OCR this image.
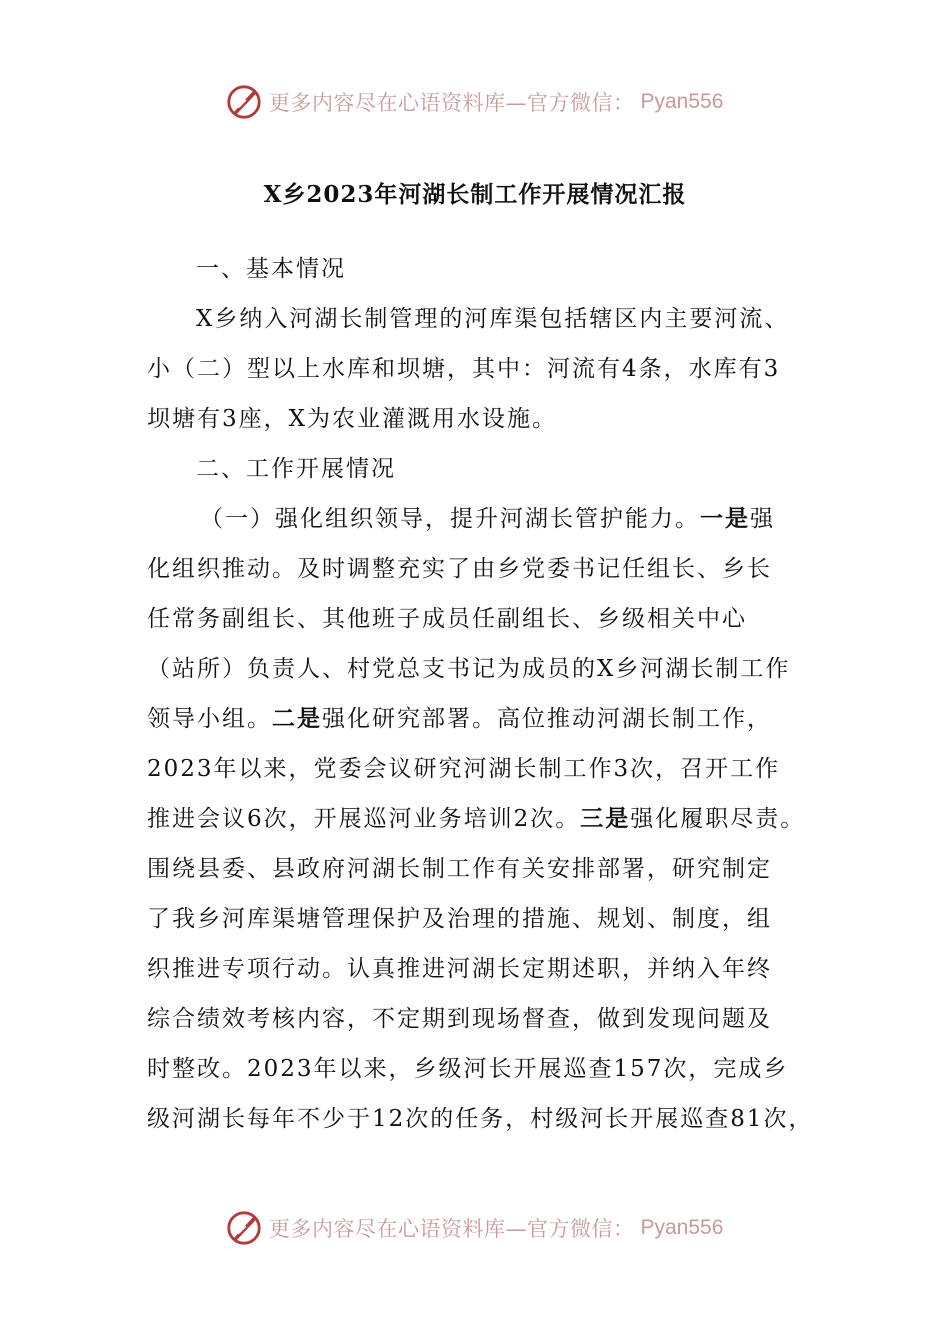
更多内容尽在心语资料库—官方微信： Pyan556
X乡2023年河湖长制工作开展情况汇报

一、基本情况

X乡纳入河湖长制管理的河库渠包括辖区内主要河流、

小（二）型以上水库和坝塘，其中：河流有4条，水库有3

坝塘有3座，X为农业灌溉用水设施。

二、工作开展情况

（一）强化组织领导，提升河湖长管护能力。一是强

化组织推动。及时调整充实了由乡党委书记任组长、乡长

任常务副组长、其他班子成员任副组长、乡级相关中心

（站所）负责人、村党总支书记为成员的X乡河湖长制工作

领导小组。二是强化研究部署。高位推动河湖长制工作，

2023年以来，党委会议研究河湖长制工作3次，召开工作

推进会议6次，开展巡河业务培训2次。三是强化履职尽责。

围绕县委、县政府河湖长制工作有关安排部署，研究制定

了我乡河库渠塘管理保护及治理的措施、规划、制度，组

织推进专项行动。认真推进河湖长定期述职，并纳入年终

综合绩效考核内容，不定期到现场督查，做到发现问题及

时整改。2023年以来，乡级河长开展巡查157次，完成乡

级河湖长每年不少于12次的任务，村级河长开展巡查81次，

更多内容尽在心语资料库—官方微信： Pyan556
